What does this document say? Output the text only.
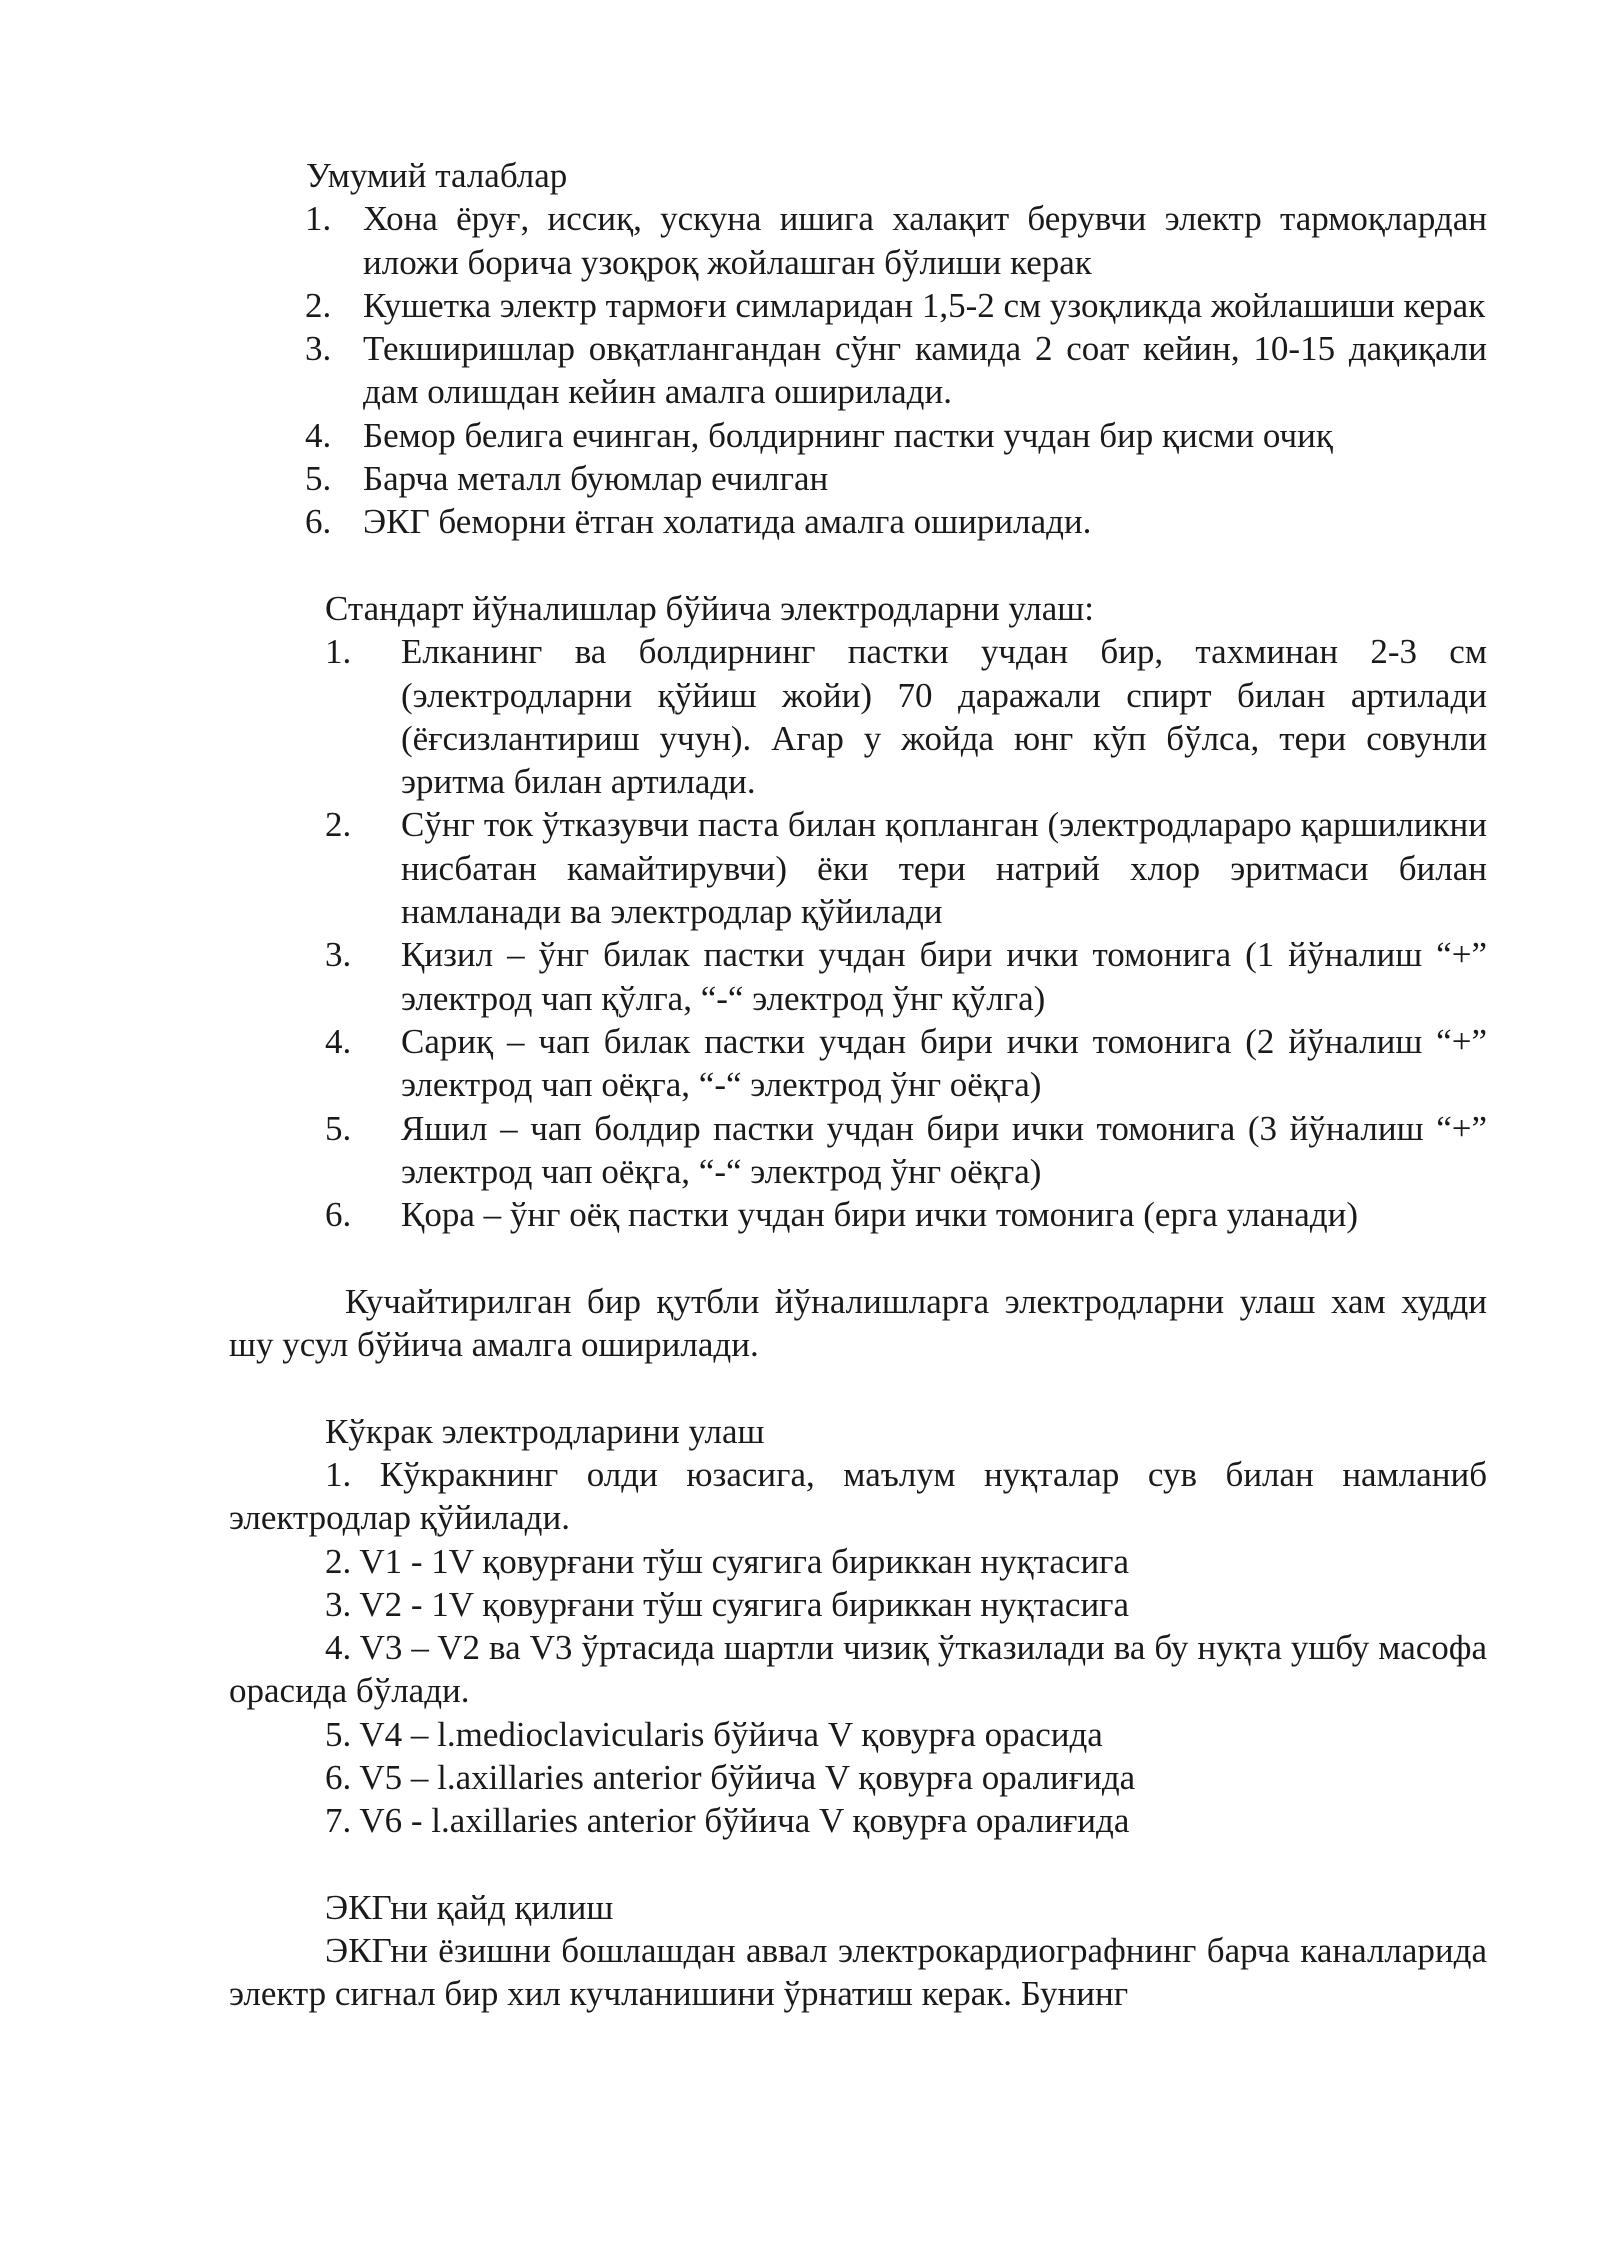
Умумий талаблар

1. Хона ёруғ, иссиқ, ускуна ишига халақит берувчи электр тармоқлардан иложи борича узоқроқ жойлашган бўлиши керак
2. Кушетка электр тармоғи симларидан 1,5-2 см узоқликда жойлашиши керак
3. Текширишлар овқатлангандан сўнг камида 2 соат кейин, 10-15 дақиқали дам олишдан кейин амалга оширилади.
4. Бемор белига ечинган, болдирнинг пастки учдан бир қисми очиқ
5. Барча металл буюмлар ечилган
6. ЭКГ беморни ётган холатида амалга оширилади.

Стандарт йўналишлар бўйича электродларни улаш:

1.	Елканинг ва болдирнинг пастки учдан бир, тахминан 2-3 см (электродларни қўйиш жойи) 70 даражали спирт билан артилади (ёғсизлантириш учун). Агар у жойда юнг кўп бўлса, тери совунли эритма билан артилади.
2.	Сўнг ток ўтказувчи паста билан қопланган (электродлараро қаршиликни нисбатан камайтирувчи) ёки тери натрий хлор эритмаси билан намланади ва электродлар қўйилади
3.	Қизил – ўнг билак пастки учдан бири ички томонига (1 йўналиш “+” электрод чап қўлга, “-“ электрод ўнг қўлга)
4.	Сариқ – чап билак пастки учдан бири ички томонига (2 йўналиш “+” электрод чап оёқга, “-“ электрод ўнг оёқга)
5.	Яшил – чап болдир пастки учдан бири ички томонига (3 йўналиш “+” электрод чап оёқга, “-“ электрод ўнг оёқга)
6.	Қора – ўнг оёқ пастки учдан бири ички томонига (ерга уланади)

Кучайтирилган бир қутбли йўналишларга электродларни улаш хам худди шу усул бўйича амалга оширилади.

Кўкрак электродларини улаш

1. Кўкракнинг олди юзасига, маълум нуқталар сув билан намланиб электродлар қўйилади.

2. V1 - 1V қовурғани тўш суягига бириккан нуқтасига

3. V2 - 1V қовурғани тўш суягига бириккан нуқтасига

4. V3 – V2 ва V3 ўртасида шартли чизиқ ўтказилади ва бу нуқта ушбу масофа орасида бўлади.

5. V4 – l.medioclavicularis бўйича V қовурға орасида

6. V5 – l.axillaries anterior бўйича V қовурға оралиғида

7. V6 - l.axillaries anterior бўйича V қовурға оралиғида

ЭКГни қайд қилиш

ЭКГни ёзишни бошлашдан аввал электрокардиографнинг барча каналларида электр сигнал бир хил кучланишини ўрнатиш керак. Бунинг
